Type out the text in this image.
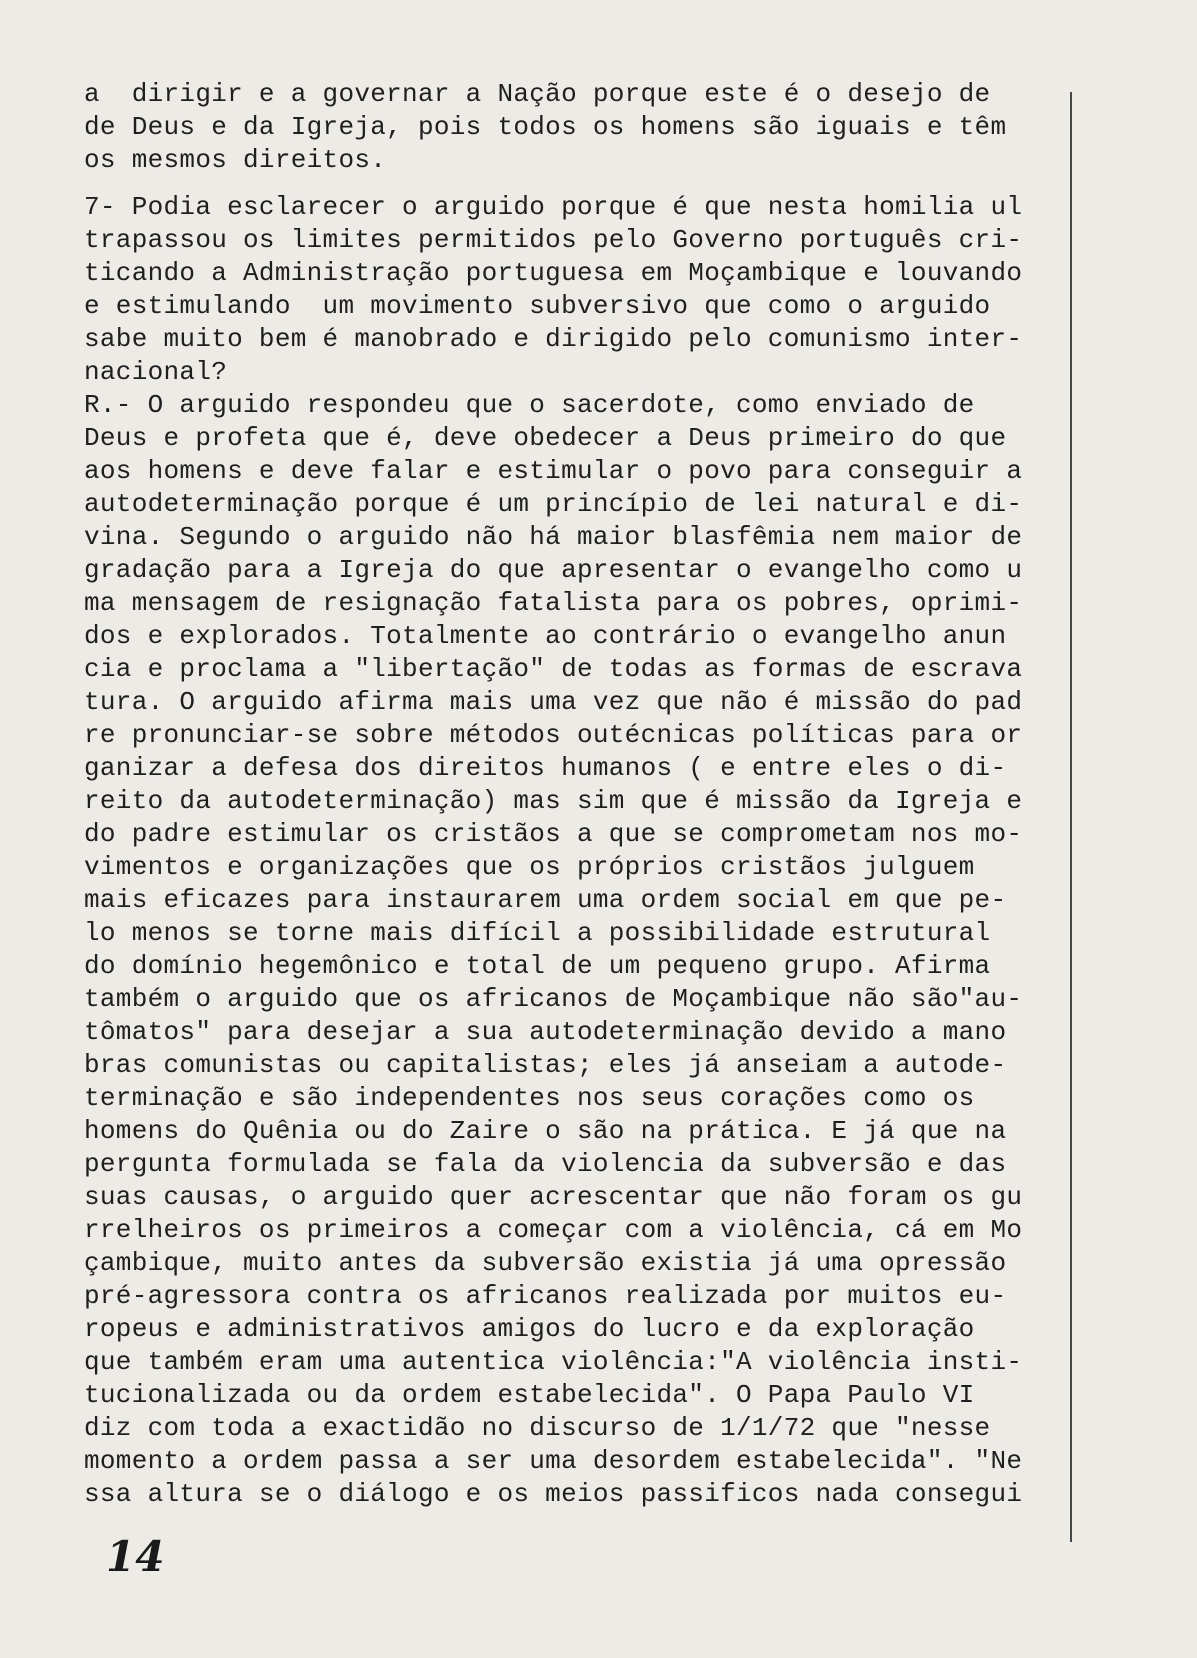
a  dirigir e a governar a Nação porque este é o desejo de
de Deus e da Igreja, pois todos os homens são iguais e têm
os mesmos direitos.
7- Podia esclarecer o arguido porque é que nesta homilia ul
trapassou os limites permitidos pelo Governo português cri-
ticando a Administração portuguesa em Moçambique e louvando
e estimulando  um movimento subversivo que como o arguido
sabe muito bem é manobrado e dirigido pelo comunismo inter-
nacional?
R.- O arguido respondeu que o sacerdote, como enviado de
Deus e profeta que é, deve obedecer a Deus primeiro do que
aos homens e deve falar e estimular o povo para conseguir a
autodeterminação porque é um princípio de lei natural e di-
vina. Segundo o arguido não há maior blasfêmia nem maior de
gradação para a Igreja do que apresentar o evangelho como u
ma mensagem de resignação fatalista para os pobres, oprimi-
dos e explorados. Totalmente ao contrário o evangelho anun
cia e proclama a "libertação" de todas as formas de escrava
tura. O arguido afirma mais uma vez que não é missão do pad
re pronunciar-se sobre métodos outécnicas políticas para or
ganizar a defesa dos direitos humanos ( e entre eles o di-
reito da autodeterminação) mas sim que é missão da Igreja e
do padre estimular os cristãos a que se comprometam nos mo-
vimentos e organizações que os próprios cristãos julguem
mais eficazes para instaurarem uma ordem social em que pe-
lo menos se torne mais difícil a possibilidade estrutural
do domínio hegemônico e total de um pequeno grupo. Afirma
também o arguido que os africanos de Moçambique não são"au-
tômatos" para desejar a sua autodeterminação devido a mano
bras comunistas ou capitalistas; eles já anseiam a autode-
terminação e são independentes nos seus corações como os
homens do Quênia ou do Zaire o são na prática. E já que na
pergunta formulada se fala da violencia da subversão e das
suas causas, o arguido quer acrescentar que não foram os gu
rrelheiros os primeiros a começar com a violência, cá em Mo
çambique, muito antes da subversão existia já uma opressão
pré-agressora contra os africanos realizada por muitos eu-
ropeus e administrativos amigos do lucro e da exploração
que também eram uma autentica violência:"A violência insti-
tucionalizada ou da ordem estabelecida". O Papa Paulo VI
diz com toda a exactidão no discurso de 1/1/72 que "nesse
momento a ordem passa a ser uma desordem estabelecida". "Ne
ssa altura se o diálogo e os meios passificos nada consegui
14
